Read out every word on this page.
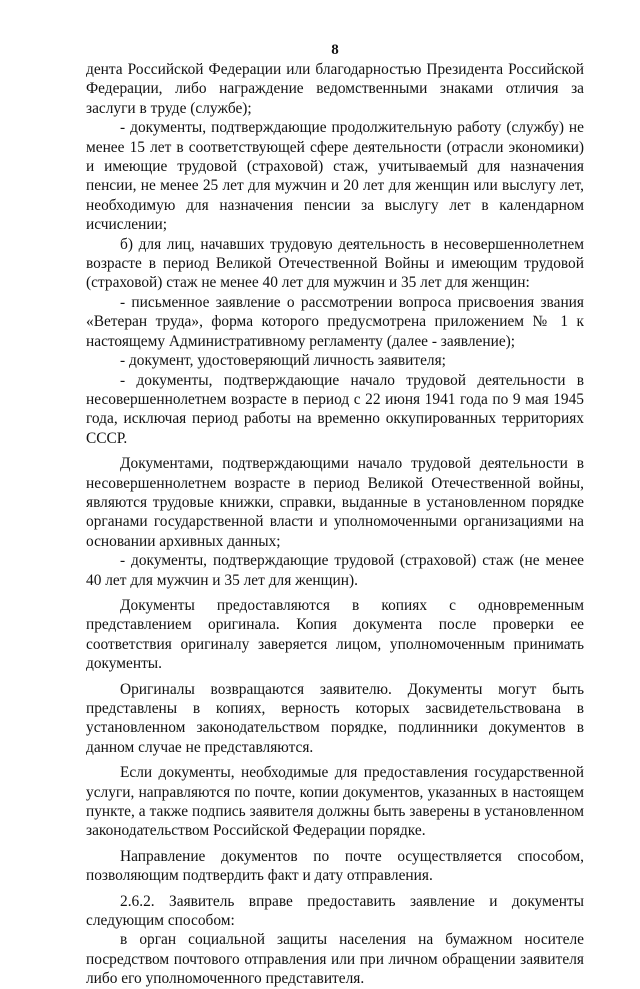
8

дента Российской Федерации или благодарностью Президента Российской Федерации, либо награждение ведомственными знаками отличия за заслуги в труде (службе);

- документы, подтверждающие продолжительную работу (службу) не менее 15 лет в соответствующей сфере деятельности (отрасли экономики) и имеющие трудовой (страховой) стаж, учитываемый для назначения пенсии, не менее 25 лет для мужчин и 20 лет для женщин или выслугу лет, необходимую для назначения пенсии за выслугу лет в календарном исчислении;

б) для лиц, начавших трудовую деятельность в несовершеннолетнем возрасте в период Великой Отечественной Войны и имеющим трудовой (страховой) стаж не менее 40 лет для мужчин и 35 лет для женщин:

- письменное заявление о рассмотрении вопроса присвоения звания «Ветеран труда», форма которого предусмотрена приложением № 1 к настоящему Административному регламенту (далее - заявление);

- документ, удостоверяющий личность заявителя;

- документы, подтверждающие начало трудовой деятельности в несовершеннолетнем возрасте в период с 22 июня 1941 года по 9 мая 1945 года, исключая период работы на временно оккупированных территориях СССР.

Документами, подтверждающими начало трудовой деятельности в несовершеннолетнем возрасте в период Великой Отечественной войны, являются трудовые книжки, справки, выданные в установленном порядке органами государственной власти и уполномоченными организациями на основании архивных данных;

- документы, подтверждающие трудовой (страховой) стаж (не менее 40 лет для мужчин и 35 лет для женщин).

Документы предоставляются в копиях с одновременным представлением оригинала. Копия документа после проверки ее соответствия оригиналу заверяется лицом, уполномоченным принимать документы.

Оригиналы возвращаются заявителю. Документы могут быть представлены в копиях, верность которых засвидетельствована в установленном законодательством порядке, подлинники документов в данном случае не представляются.

Если документы, необходимые для предоставления государственной услуги, направляются по почте, копии документов, указанных в настоящем пункте, а также подпись заявителя должны быть заверены в установленном законодательством Российской Федерации порядке.

Направление документов по почте осуществляется способом, позволяющим подтвердить факт и дату отправления.

2.6.2. Заявитель вправе предоставить заявление и документы следующим способом:

в орган социальной защиты населения на бумажном носителе посредством почтового отправления или при личном обращении заявителя либо его уполномоченного представителя.
